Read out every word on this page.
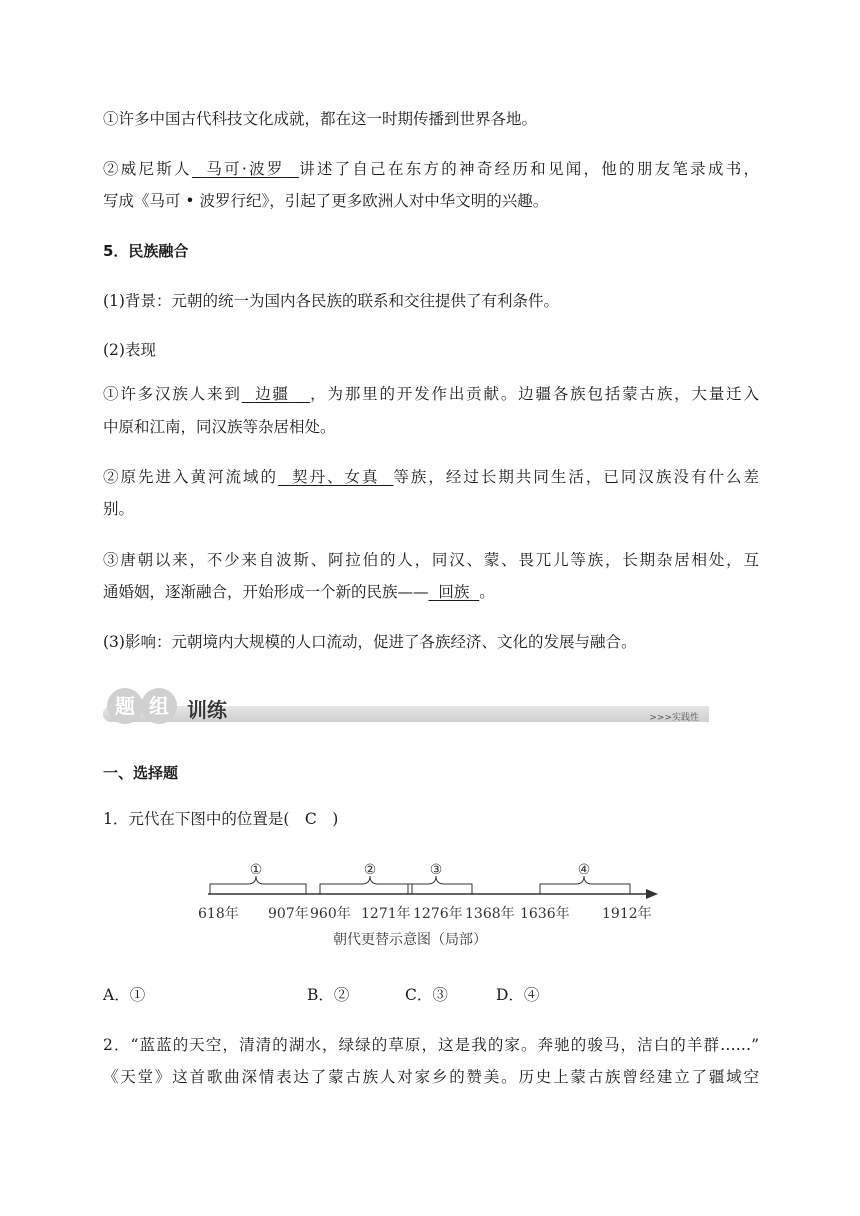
①许多中国古代科技文化成就，都在这一时期传播到世界各地。
②威尼斯人 马可·波罗 讲述了自己在东方的神奇经历和见闻，他的朋友笔录成书，
写成《马可 • 波罗行纪》，引起了更多欧洲人对中华文明的兴趣。
5．民族融合
(1)背景：元朝的统一为国内各民族的联系和交往提供了有利条件。
(2)表现
①许多汉族人来到 边疆 ，为那里的开发作出贡献。边疆各族包括蒙古族，大量迁入
中原和江南，同汉族等杂居相处。
②原先进入黄河流域的 契丹、女真 等族，经过长期共同生活，已同汉族没有什么差
别。
③唐朝以来，不少来自波斯、阿拉伯的人，同汉、蒙、畏兀儿等族，长期杂居相处，互
通婚姻，逐渐融合，开始形成一个新的民族—— 回族 。
(3)影响：元朝境内大规模的人口流动，促进了各族经济、文化的发展与融合。
题 组 训练	>>>实践性
一、选择题
1．元代在下图中的位置是(　C　)
①	②	③	④
618年 907年 960年 1271年 1276年 1368年 1636年 1912年
朝代更替示意图（局部）
A．①	B．②	C．③	D．④
2．“蓝蓝的天空，清清的湖水，绿绿的草原，这是我的家。奔驰的骏马，洁白的羊群……”
《天堂》这首歌曲深情表达了蒙古族人对家乡的赞美。历史上蒙古族曾经建立了疆域空
